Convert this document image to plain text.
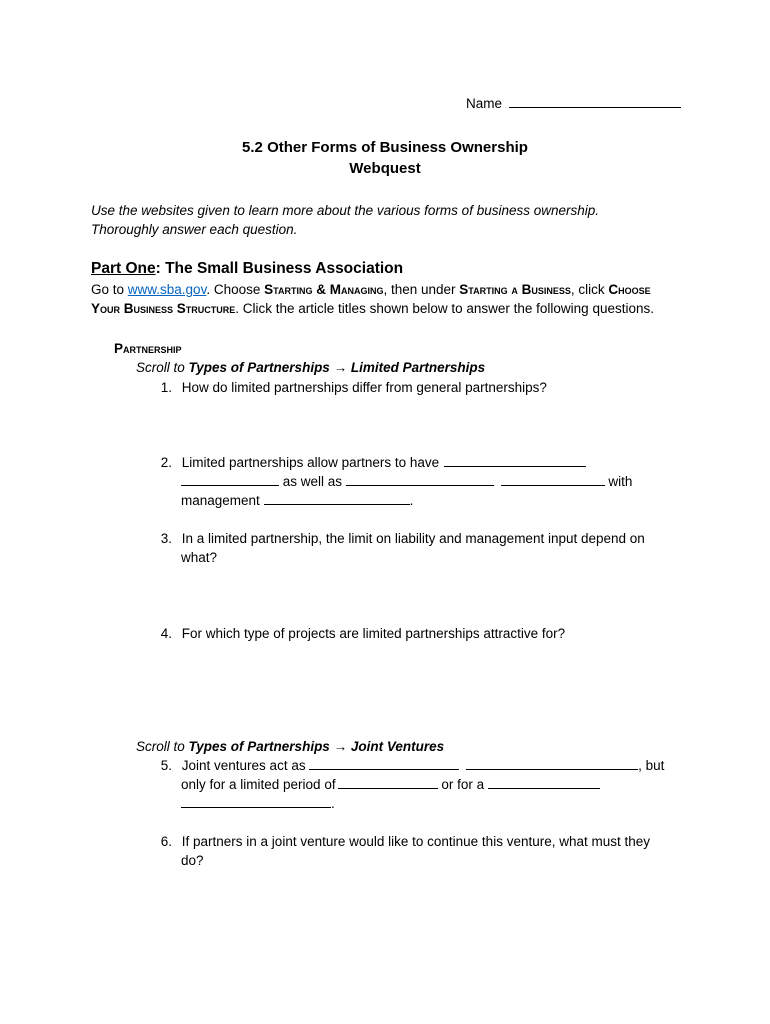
Name
5.2 Other Forms of Business Ownership
Webquest
Use the websites given to learn more about the various forms of business ownership.
Thoroughly answer each question.
Part One: The Small Business Association
Go to www.sba.gov. Choose Starting & Managing, then under Starting a Business, click Choose
Your Business Structure. Click the article titles shown below to answer the following questions.
Partnership
Scroll to Types of Partnerships → Limited Partnerships
1. How do limited partnerships differ from general partnerships?
2. Limited partnerships allow partners to have
as well as	with
management	.
3. In a limited partnership, the limit on liability and management input depend on
what?
4. For which type of projects are limited partnerships attractive for?
Scroll to Types of Partnerships → Joint Ventures
5. Joint ventures act as	, but
only for a limited period of	or for a
.
6. If partners in a joint venture would like to continue this venture, what must they
do?
